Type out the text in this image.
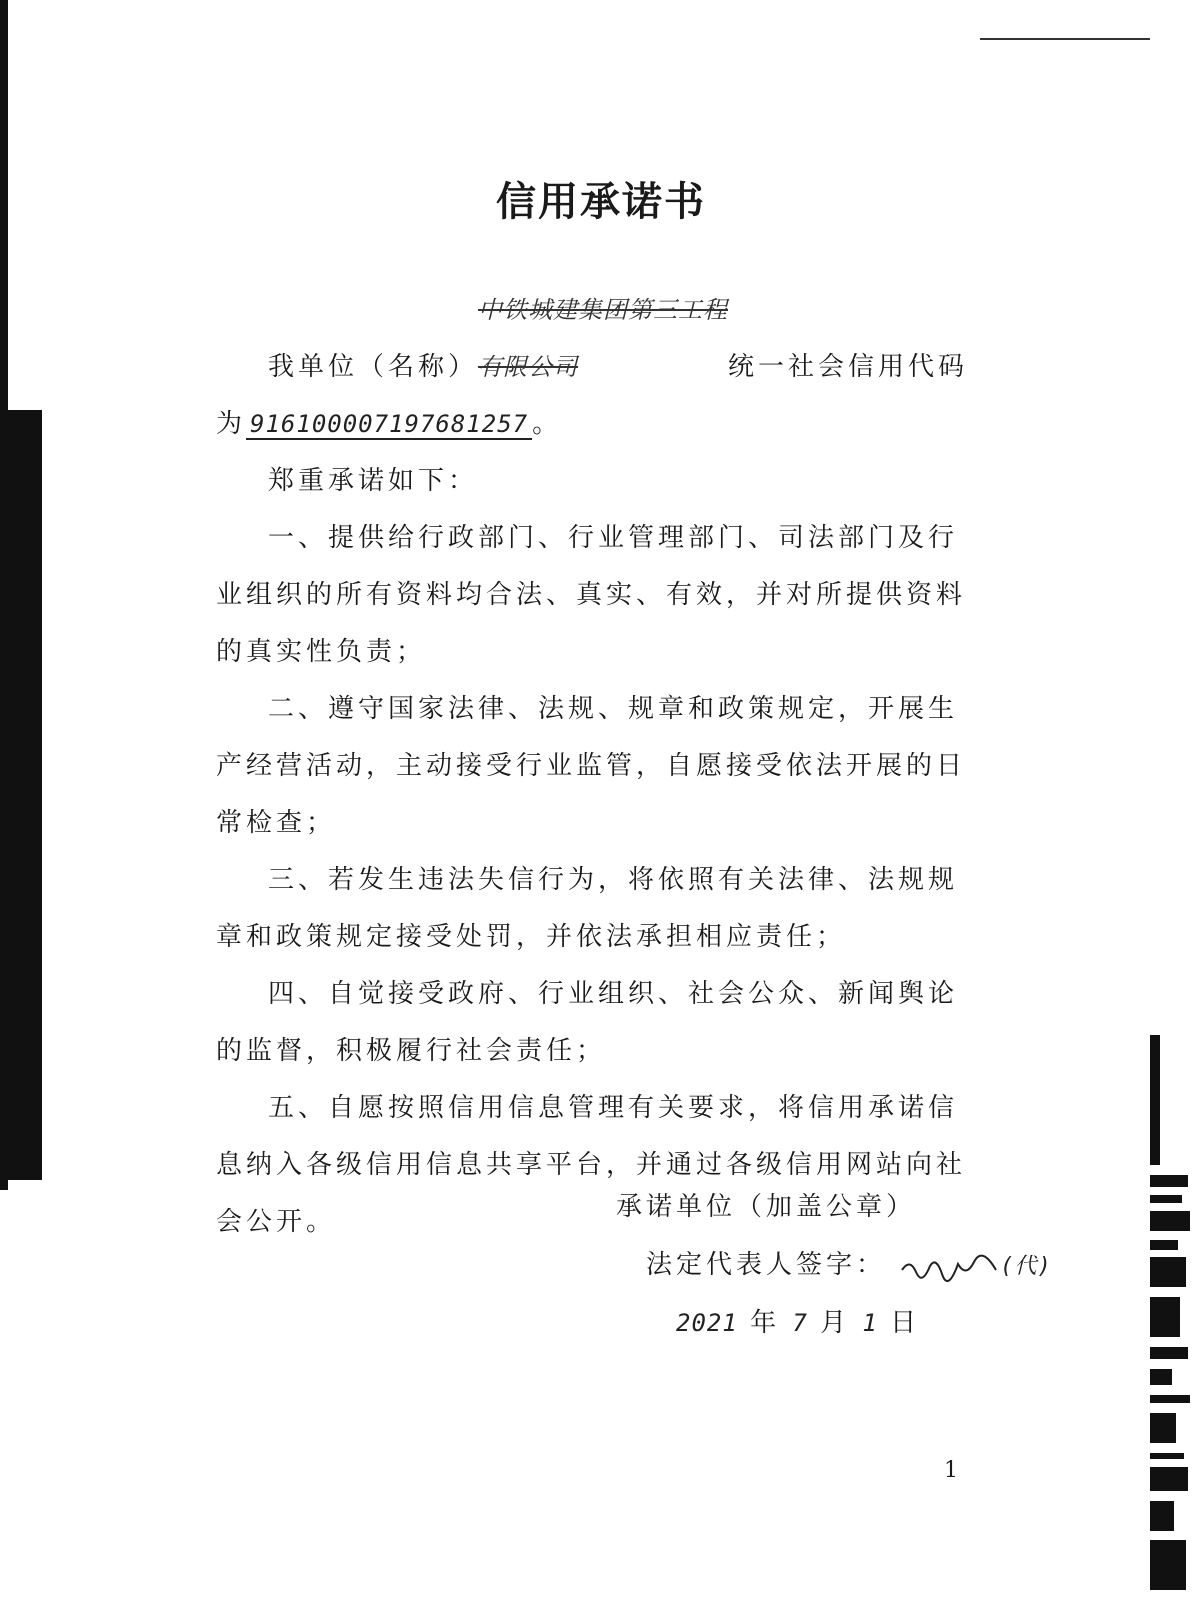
信用承诺书

我单位（名称）中铁城建集团第三工程有限公司	统一社会信用代码

为 916100007197681257 。

郑重承诺如下：

一、提供给行政部门、行业管理部门、司法部门及行业组织的所有资料均合法、真实、有效，并对所提供资料的真实性负责；

二、遵守国家法律、法规、规章和政策规定，开展生产经营活动，主动接受行业监管，自愿接受依法开展的日常检查；

三、若发生违法失信行为，将依照有关法律、法规规章和政策规定接受处罚，并依法承担相应责任；

四、自觉接受政府、行业组织、社会公众、新闻舆论的监督，积极履行社会责任；

五、自愿按照信用信息管理有关要求，将信用承诺信息纳入各级信用信息共享平台，并通过各级信用网站向社会公开。	承诺单位（加盖公章）
法定代表人签字：	(代)
2021 年 7 月 1 日
1
